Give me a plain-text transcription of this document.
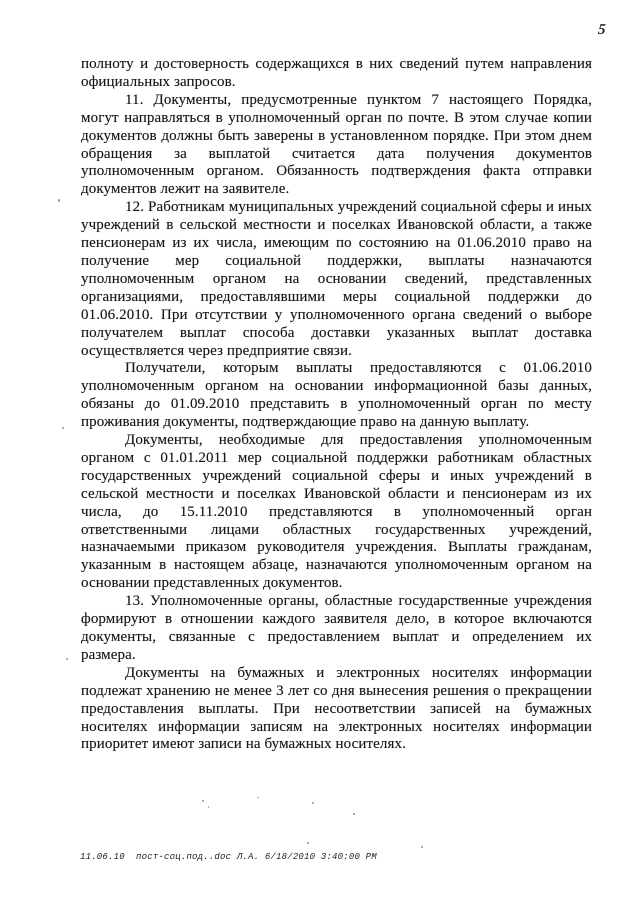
5
полноту и достоверность содержащихся в них сведений путем направления
официальных запросов.
11. Документы, предусмотренные пунктом 7 настоящего Порядка,
могут направляться в уполномоченный орган по почте. В этом случае копии
документов должны быть заверены в установленном порядке. При этом днем
обращения за выплатой считается дата получения документов
уполномоченным органом. Обязанность подтверждения факта отправки
документов лежит на заявителе.
12. Работникам муниципальных учреждений социальной сферы и иных
учреждений в сельской местности и поселках Ивановской области, а также
пенсионерам из их числа, имеющим по состоянию на 01.06.2010 право на
получение мер социальной поддержки, выплаты назначаются
уполномоченным органом на основании сведений, представленных
организациями, предоставлявшими меры социальной поддержки до
01.06.2010. При отсутствии у уполномоченного органа сведений о выборе
получателем выплат способа доставки указанных выплат доставка
осуществляется через предприятие связи.
Получатели, которым выплаты предоставляются с 01.06.2010
уполномоченным органом на основании информационной базы данных,
обязаны до 01.09.2010 представить в уполномоченный орган по месту
проживания документы, подтверждающие право на данную выплату.
Документы, необходимые для предоставления уполномоченным
органом с 01.01.2011 мер социальной поддержки работникам областных
государственных учреждений социальной сферы и иных учреждений в
сельской местности и поселках Ивановской области и пенсионерам из их
числа, до 15.11.2010 представляются в уполномоченный орган
ответственными лицами областных государственных учреждений,
назначаемыми приказом руководителя учреждения. Выплаты гражданам,
указанным в настоящем абзаце, назначаются уполномоченным органом на
основании представленных документов.
13. Уполномоченные органы, областные государственные учреждения
формируют в отношении каждого заявителя дело, в которое включаются
документы, связанные с предоставлением выплат и определением их
размера.
Документы на бумажных и электронных носителях информации
подлежат хранению не менее 3 лет со дня вынесения решения о прекращении
предоставления выплаты. При несоответствии записей на бумажных
носителях информации записям на электронных носителях информации
приоритет имеют записи на бумажных носителях.
11.06.10  пост-соц.под..doc Л.А. 6/18/2010 3:40:00 PM
